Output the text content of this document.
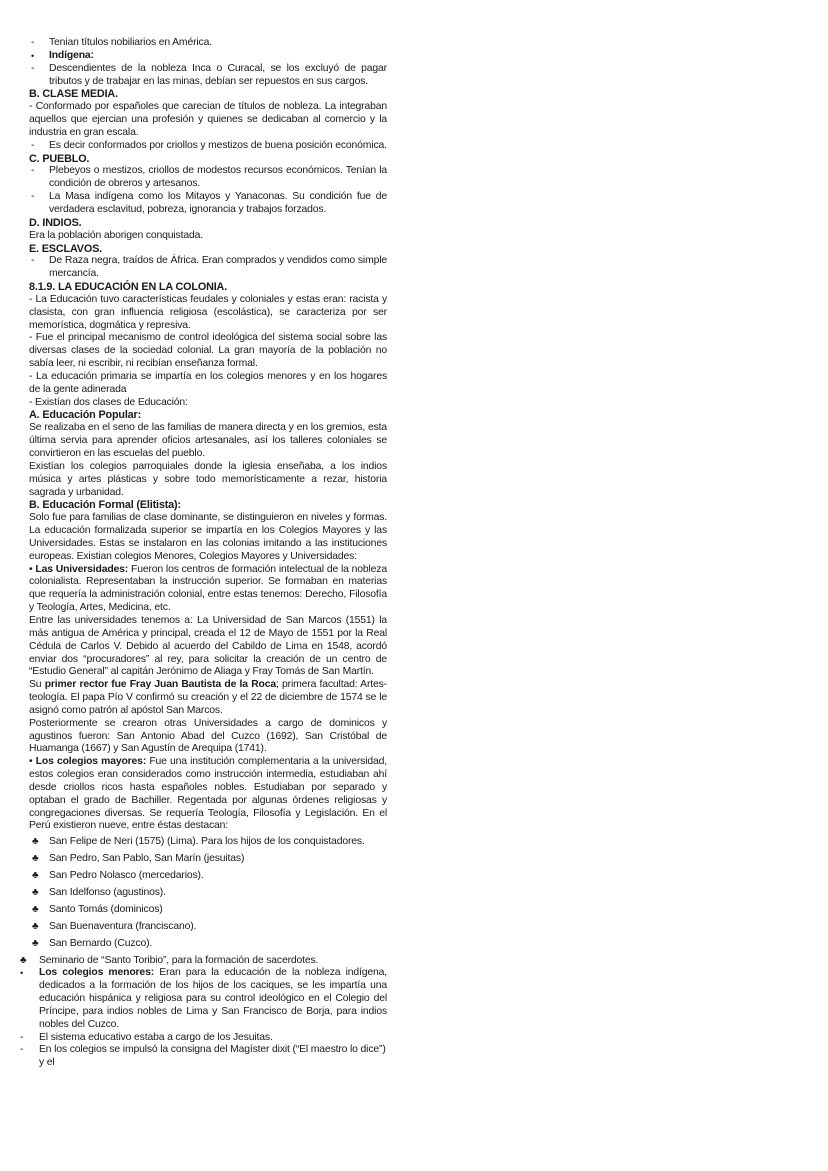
-	Tenian títulos nobiliarios en América.
•	Indígena:
-	Descendientes de la nobleza Inca o Curacal, se los excluyó de pagar tributos y de trabajar en las minas, debían ser repuestos en sus cargos.
B. CLASE MEDIA.
- Conformado por españoles que carecian de títulos de nobleza. La integraban aquellos que ejercian una profesión y quienes se dedicaban al comercio y la industria en gran escala.
-	Es decir conformados por criollos y mestizos de buena posición económica.
C. PUEBLO.
-	Plebeyos o mestizos, criollos de modestos recursos económicos. Tenían la condición de obreros y artesanos.
-	La Masa indígena como los Mitayos y Yanaconas. Su condición fue de verdadera esclavitud, pobreza, ignorancia y trabajos forzados.
D. INDIOS.
Era la población aborigen conquistada.
E. ESCLAVOS.
-	De Raza negra, traídos de África. Eran comprados y vendidos como simple mercancía.
8.1.9. LA EDUCACIÓN EN LA COLONIA.
- La Educación tuvo características feudales y coloniales y estas eran: racista y clasista, con gran influencia religiosa (escolástica), se caracteriza por ser memorística, dogmática y represiva.
- Fue el principal mecanismo de control ideológica del sistema social sobre las diversas clases de la sociedad colonial. La gran mayoría de la población no sabía leer, ni escribir, ni recibían enseñanza formal.
- La educación primaria se impartía en los colegios menores y en los hogares de la gente adinerada
- Existían dos clases de Educación:
A. Educación Popular:
Se realizaba en el seno de las familias de manera directa y en los gremios, esta última servia para aprender oficios artesanales, así los talleres coloniales se convirtieron en las escuelas del pueblo.
Existían los colegios parroquiales donde la iglesia enseñaba, a los indios música y artes plásticas y sobre todo memorísticamente a rezar, historia sagrada y urbanidad.
B. Educación Formal (Elitista):
Solo fue para familias de clase dominante, se distinguieron en niveles y formas. La educación formalizada superior se impartía en los Colegios Mayores y las Universidades. Estas se instalaron en las colonias imitando a las instituciones europeas. Existian colegios Menores, Colegios Mayores y Universidades:
• Las Universidades: Fueron los centros de formación intelectual de la nobleza colonialista. Representaban la instrucción superior. Se formaban en materias que requería la administración colonial, entre estas tenemos: Derecho, Filosofía y Teología, Artes, Medicina, etc.
Entre las universidades tenemos a: La Universidad de San Marcos (1551) la más antigua de América y principal, creada el 12 de Mayo de 1551 por la Real Cédula de Carlos V. Debido al acuerdo del Cabildo de Lima en 1548, acordó enviar dos “procuradores” al rey, para solicitar la creación de un centro de “Estudio General” al capitán Jerónimo de Aliaga y Fray Tomás de San Martín.
Su primer rector fue Fray Juan Bautista de la Roca; primera facultad: Artes-teología. El papa Pío V confirmó su creación y el 22 de diciembre de 1574 se le asignó como patrón al apóstol San Marcos.
Posteriormente se crearon otras Universidades a cargo de dominicos y agustinos fueron: San Antonio Abad del Cuzco (1692), San Cristóbal de Huamanga (1667) y San Agustín de Arequipa (1741).
• Los colegios mayores: Fue una institución complementaria a la universidad, estos colegios eran considerados como instrucción intermedia, estudiaban ahí desde criollos ricos hasta españoles nobles. Estudiaban por separado y optaban el grado de Bachiller. Regentada por algunas órdenes religiosas y congregaciones diversas. Se requería Teología, Filosofía y Legislación. En el Perú existieron nueve, entre éstas destacan:
♣	San Felipe de Neri (1575) (Lima). Para los hijos de los conquistadores.
♣	San Pedro, San Pablo, San Marín (jesuitas)
♣	San Pedro Nolasco (mercedarios).
♣	San Idelfonso (agustinos).
♣	Santo Tomás (dominicos)
♣	San Buenaventura (franciscano).
♣	San Bernardo (Cuzco).
♣	Seminario de “Santo Toribio”, para la formación de sacerdotes.
•	Los colegios menores: Eran para la educación de la nobleza indígena, dedicados a la formación de los hijos de los caciques, se les impartía una educación hispánica y religiosa para su control ideológico en el Colegio del Príncipe, para indios nobles de Lima y San Francisco de Borja, para indios nobles del Cuzco.
-	El sistema educativo estaba a cargo de los Jesuitas.
-	En los colegios se impulsó la consigna del Magíster dixit (“El maestro lo dice”) y el
